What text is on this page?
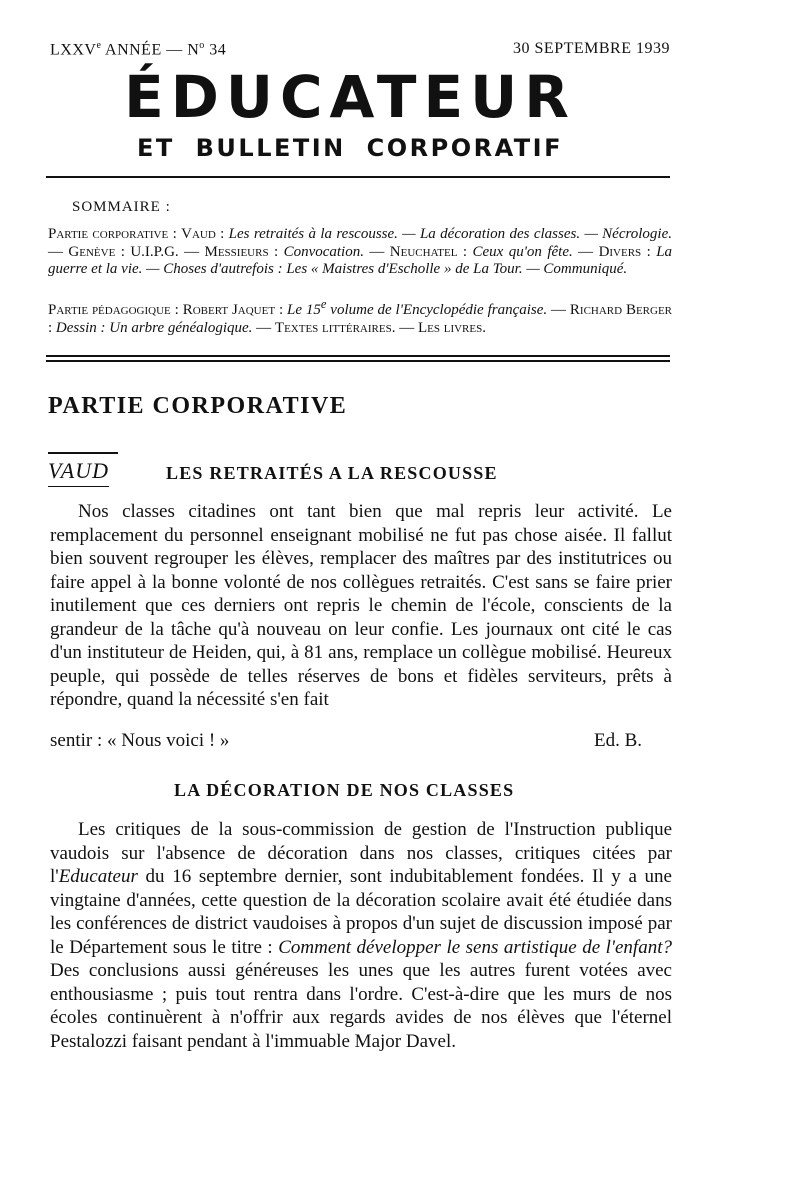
LXXVe ANNÉE — $N^o$ 34	30 SEPTEMBRE 1939
ÉDUCATEUR
ET BULLETIN CORPORATIF
SOMMAIRE :
Partie corporative : Vaud : Les retraités à la rescousse. — La décoration des classes. — Nécrologie. — Genève : U.I.P.G. — Messieurs : Convocation. — Neuchatel : Ceux qu'on fête. — Divers : La guerre et la vie. — Choses d'autrefois : Les « Maistres d'Escholle » de La Tour. — Communiqué.
Partie pédagogique : Robert Jaquet : Le 15e volume de l'Encyclopédie française. — Richard Berger : Dessin : Un arbre généalogique. — Textes littéraires. — Les livres.
PARTIE CORPORATIVE
VAUD	LES RETRAITÉS A LA RESCOUSSE
Nos classes citadines ont tant bien que mal repris leur activité. Le remplacement du personnel enseignant mobilisé ne fut pas chose aisée. Il fallut bien souvent regrouper les élèves, remplacer des maîtres par des institutrices ou faire appel à la bonne volonté de nos collègues retraités. C'est sans se faire prier inutilement que ces derniers ont repris le chemin de l'école, conscients de la grandeur de la tâche qu'à nouveau on leur confie. Les journaux ont cité le cas d'un instituteur de Heiden, qui, à 81 ans, remplace un collègue mobilisé. Heureux peuple, qui possède de telles réserves de bons et fidèles serviteurs, prêts à répondre, quand la nécessité s'en fait
sentir : « Nous voici ! »	Ed. B.
LA DÉCORATION DE NOS CLASSES
Les critiques de la sous-commission de gestion de l'Instruction publique vaudois sur l'absence de décoration dans nos classes, critiques citées par l'Educateur du 16 septembre dernier, sont indubitablement fondées. Il y a une vingtaine d'années, cette question de la décoration scolaire avait été étudiée dans les conférences de district vaudoises à propos d'un sujet de discussion imposé par le Département sous le titre : Comment développer le sens artistique de l'enfant? Des conclusions aussi généreuses les unes que les autres furent votées avec enthousiasme ; puis tout rentra dans l'ordre. C'est-à-dire que les murs de nos écoles continuèrent à n'offrir aux regards avides de nos élèves que l'éternel Pestalozzi faisant pendant à l'immuable Major Davel.
